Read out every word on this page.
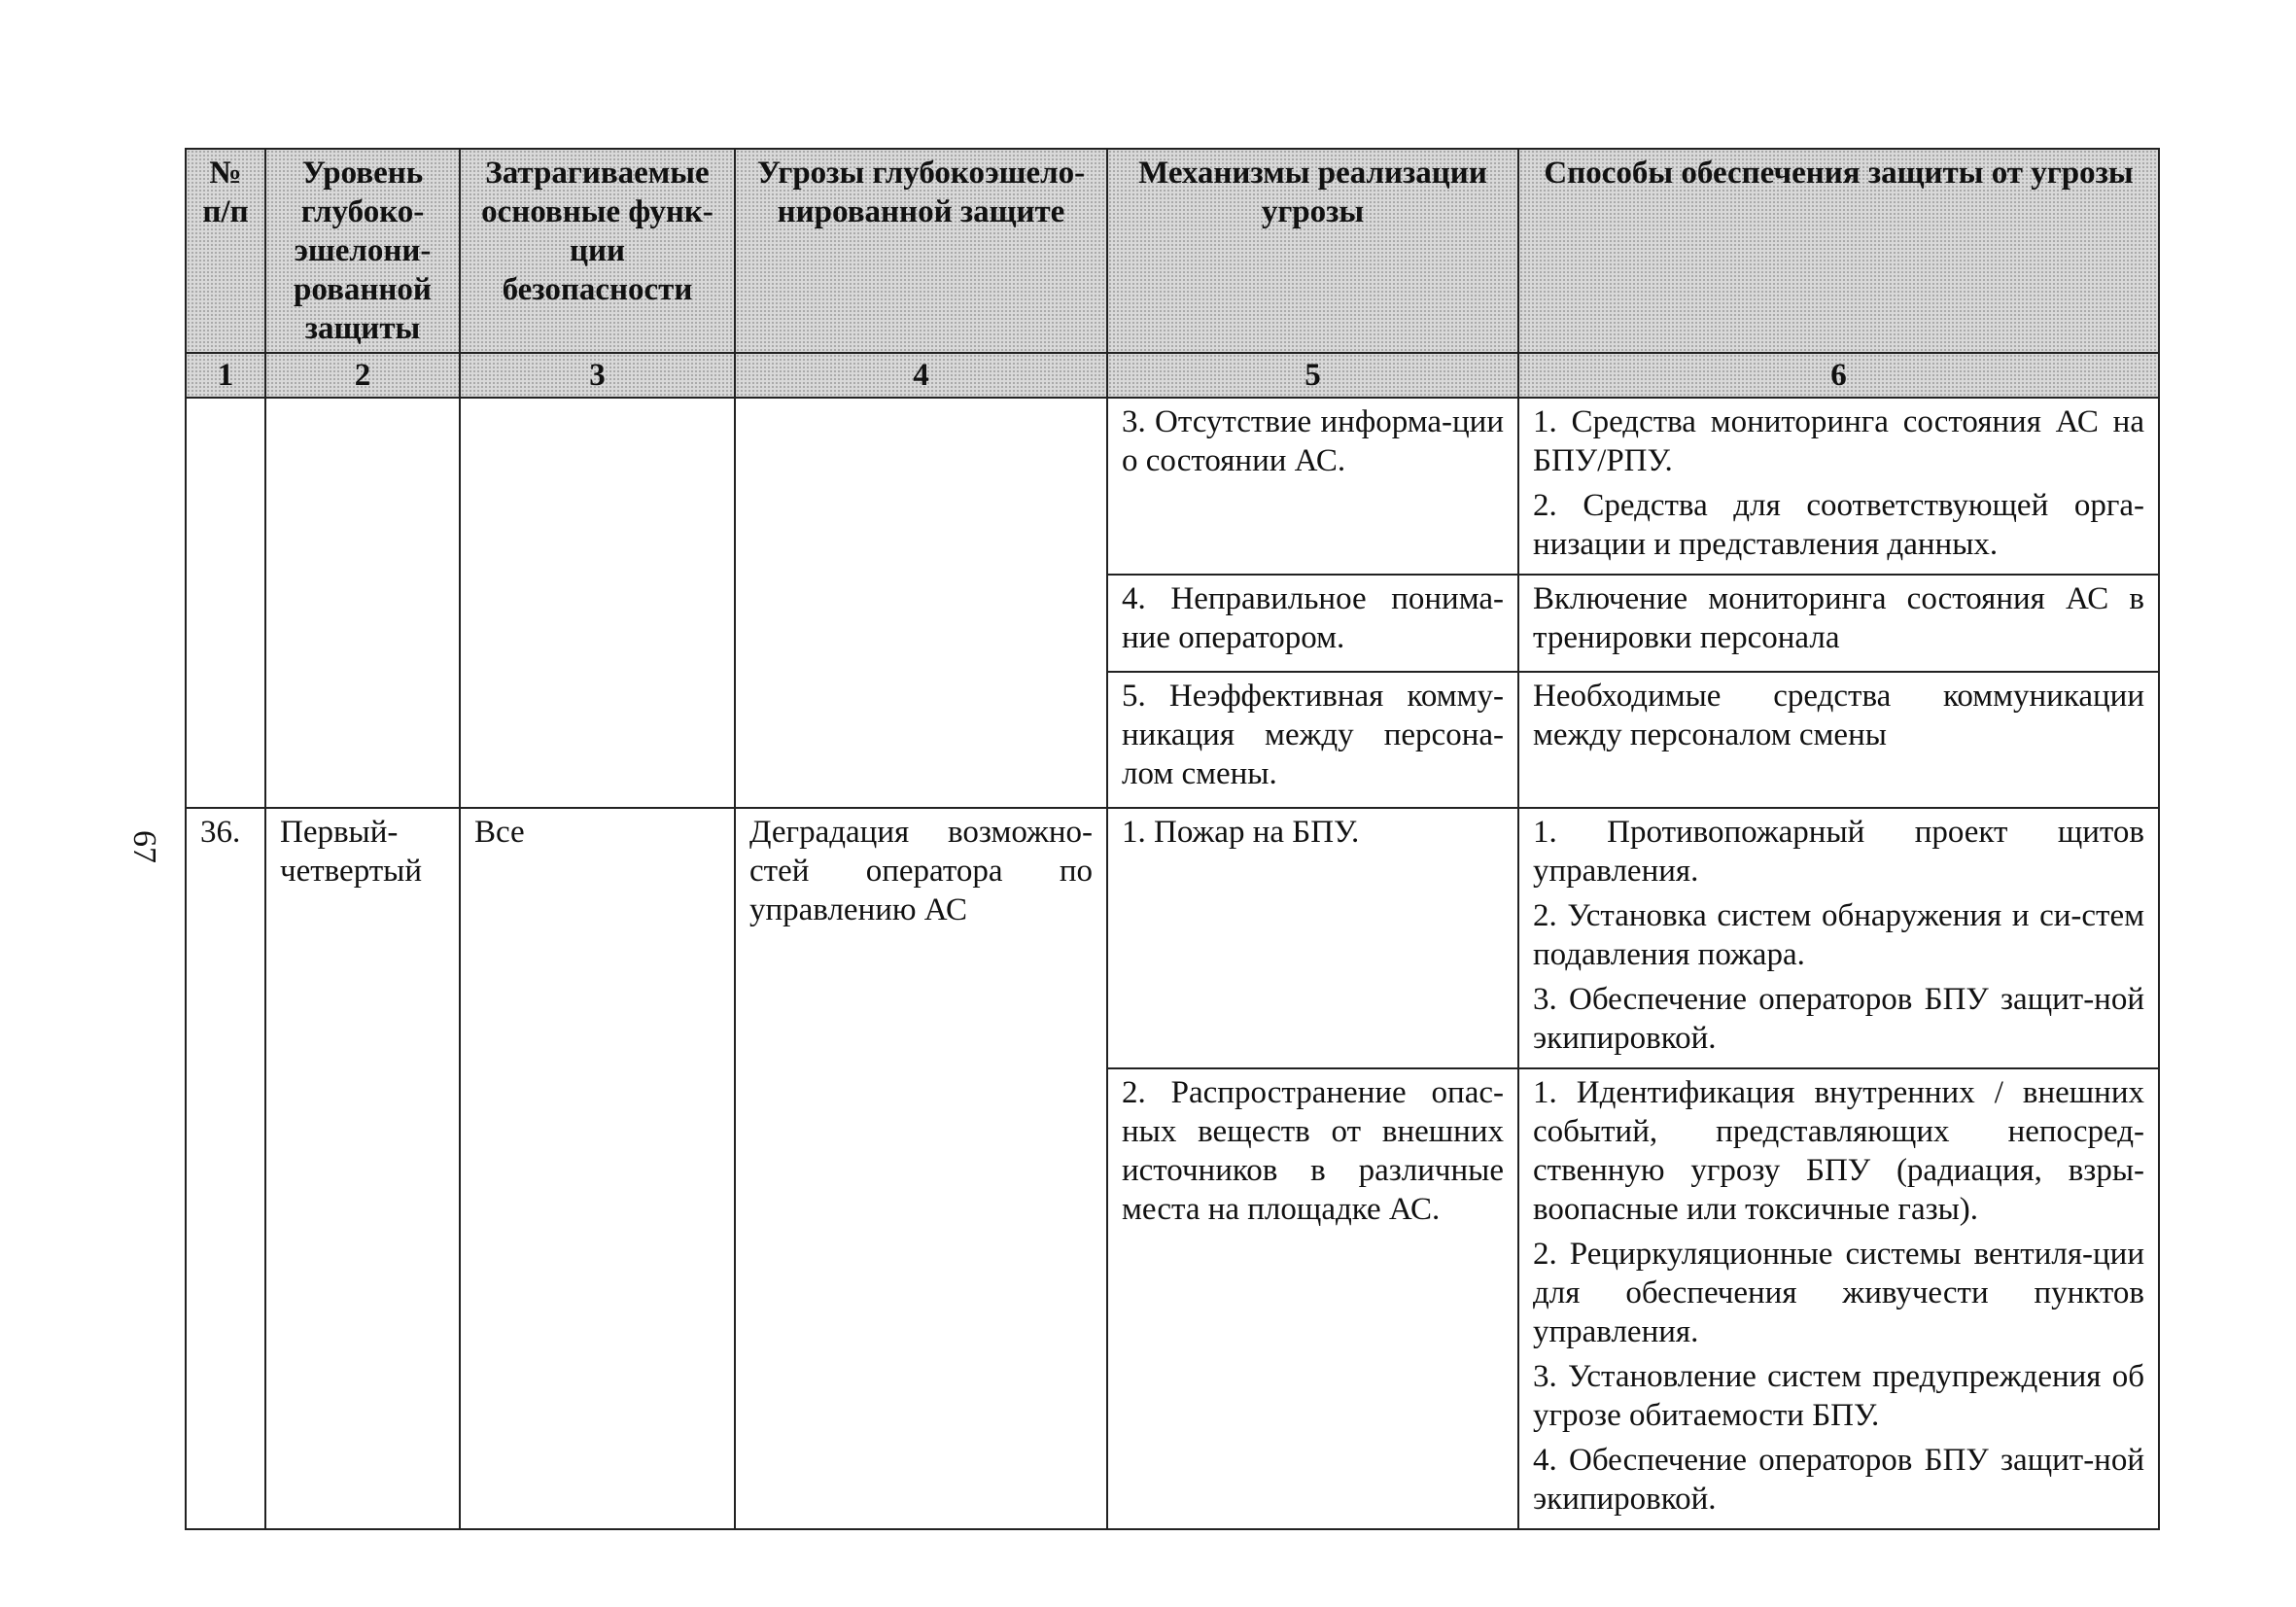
67
№ п/п	Уровень глубоко-эшелони-рованной защиты	Затрагиваемые основные функ-ции безопасности	Угрозы глубокоэшело-нированной защите	Механизмы реализации угрозы	Способы обеспечения защиты от угрозы
1	2	3	4	5	6
				3. Отсутствие информа-ции о состоянии АС.	1. Средства мониторинга состояния АС на БПУ/РПУ.

2. Средства для соответствующей орга-низации и представления данных.

				4. Неправильное понима-ние оператором.	Включение мониторинга состояния АС в тренировки персонала

				5. Неэффективная комму-никация между персона-лом смены.	Необходимые средства коммуникации между персоналом смены

36.	Первый-четвертый	Все	Деградация возможно-стей оператора по управлению АС	1. Пожар на БПУ.	1. Противопожарный проект щитов управления.

2. Установка систем обнаружения и си-стем подавления пожара.

3. Обеспечение операторов БПУ защит-ной экипировкой.

				2. Распространение опас-ных веществ от внешних источников в различные места на площадке АС.	1. Идентификация внутренних / внешних событий, представляющих непосред-ственную угрозу БПУ (радиация, взры-воопасные или токсичные газы).

2. Рециркуляционные системы вентиля-ции для обеспечения живучести пунктов управления.

3. Установление систем предупреждения об угрозе обитаемости БПУ.

4. Обеспечение операторов БПУ защит-ной экипировкой.
